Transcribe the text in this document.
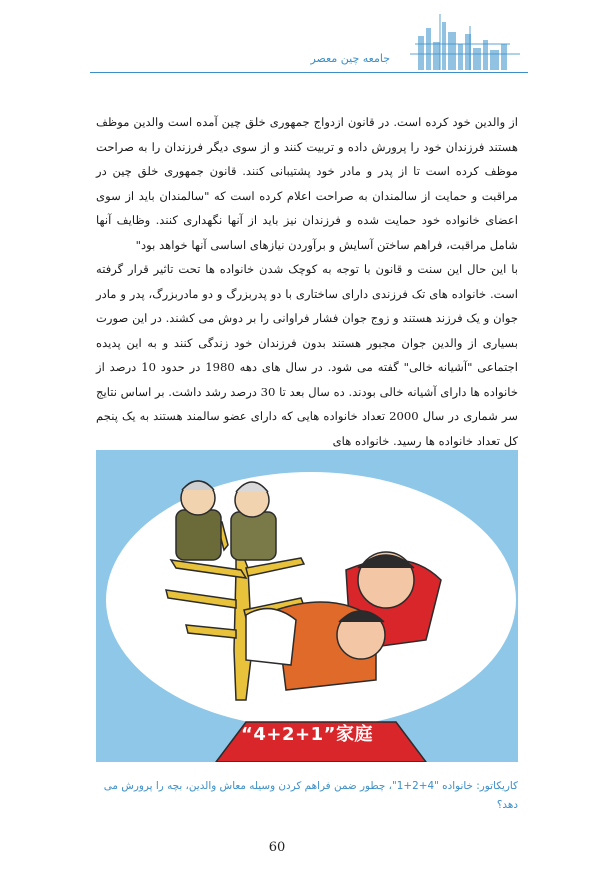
جامعه چین معصر

از والدین خود کرده است. در قانون ازدواج جمهوری خلق چین آمده است والدین موظف هستند فرزندان خود را پرورش داده و تربیت کنند و از سوی دیگر فرزندان را به صراحت موظف کرده است تا از پدر و مادر خود پشتیبانی کنند. قانون جمهوری خلق چین در مراقبت و حمایت از سالمندان به صراحت اعلام کرده است که "سالمندان باید از سوی اعضای خانواده خود حمایت شده و فرزندان نیز باید از آنها نگهداری کنند. وظایف آنها شامل مراقبت، فراهم ساختن آسایش و برآوردن نیازهای اساسی آنها خواهد بود"

با این حال این سنت و قانون با توجه به کوچک شدن خانواده ها تحت تاثیر قرار گرفته است. خانواده های تک فرزندی دارای ساختاری با دو پدربزرگ و دو مادربزرگ، پدر و مادر جوان و یک فرزند هستند و زوج جوان فشار فراوانی را بر دوش می کشند. در این صورت بسیاری از والدین جوان مجبور هستند بدون فرزندان خود زندگی کنند و به این پدیده اجتماعی "آشیانه خالی" گفته می شود. در سال های دهه 1980 در حدود 10 درصد از خانواده ها دارای آشیانه خالی بودند. ده سال بعد تا 30 درصد رشد داشت. بر اساس نتایج سر شماری در سال 2000 تعداد خانواده هایی که دارای عضو سالمند هستند به یک پنجم کل تعداد خانواده ها رسید. خانواده های

“4+2+1”家庭
کاریکاتور: خانواده "4+2+1"، چطور ضمن فراهم کردن وسیله معاش والدین، بچه را پرورش می دهد؟
60
